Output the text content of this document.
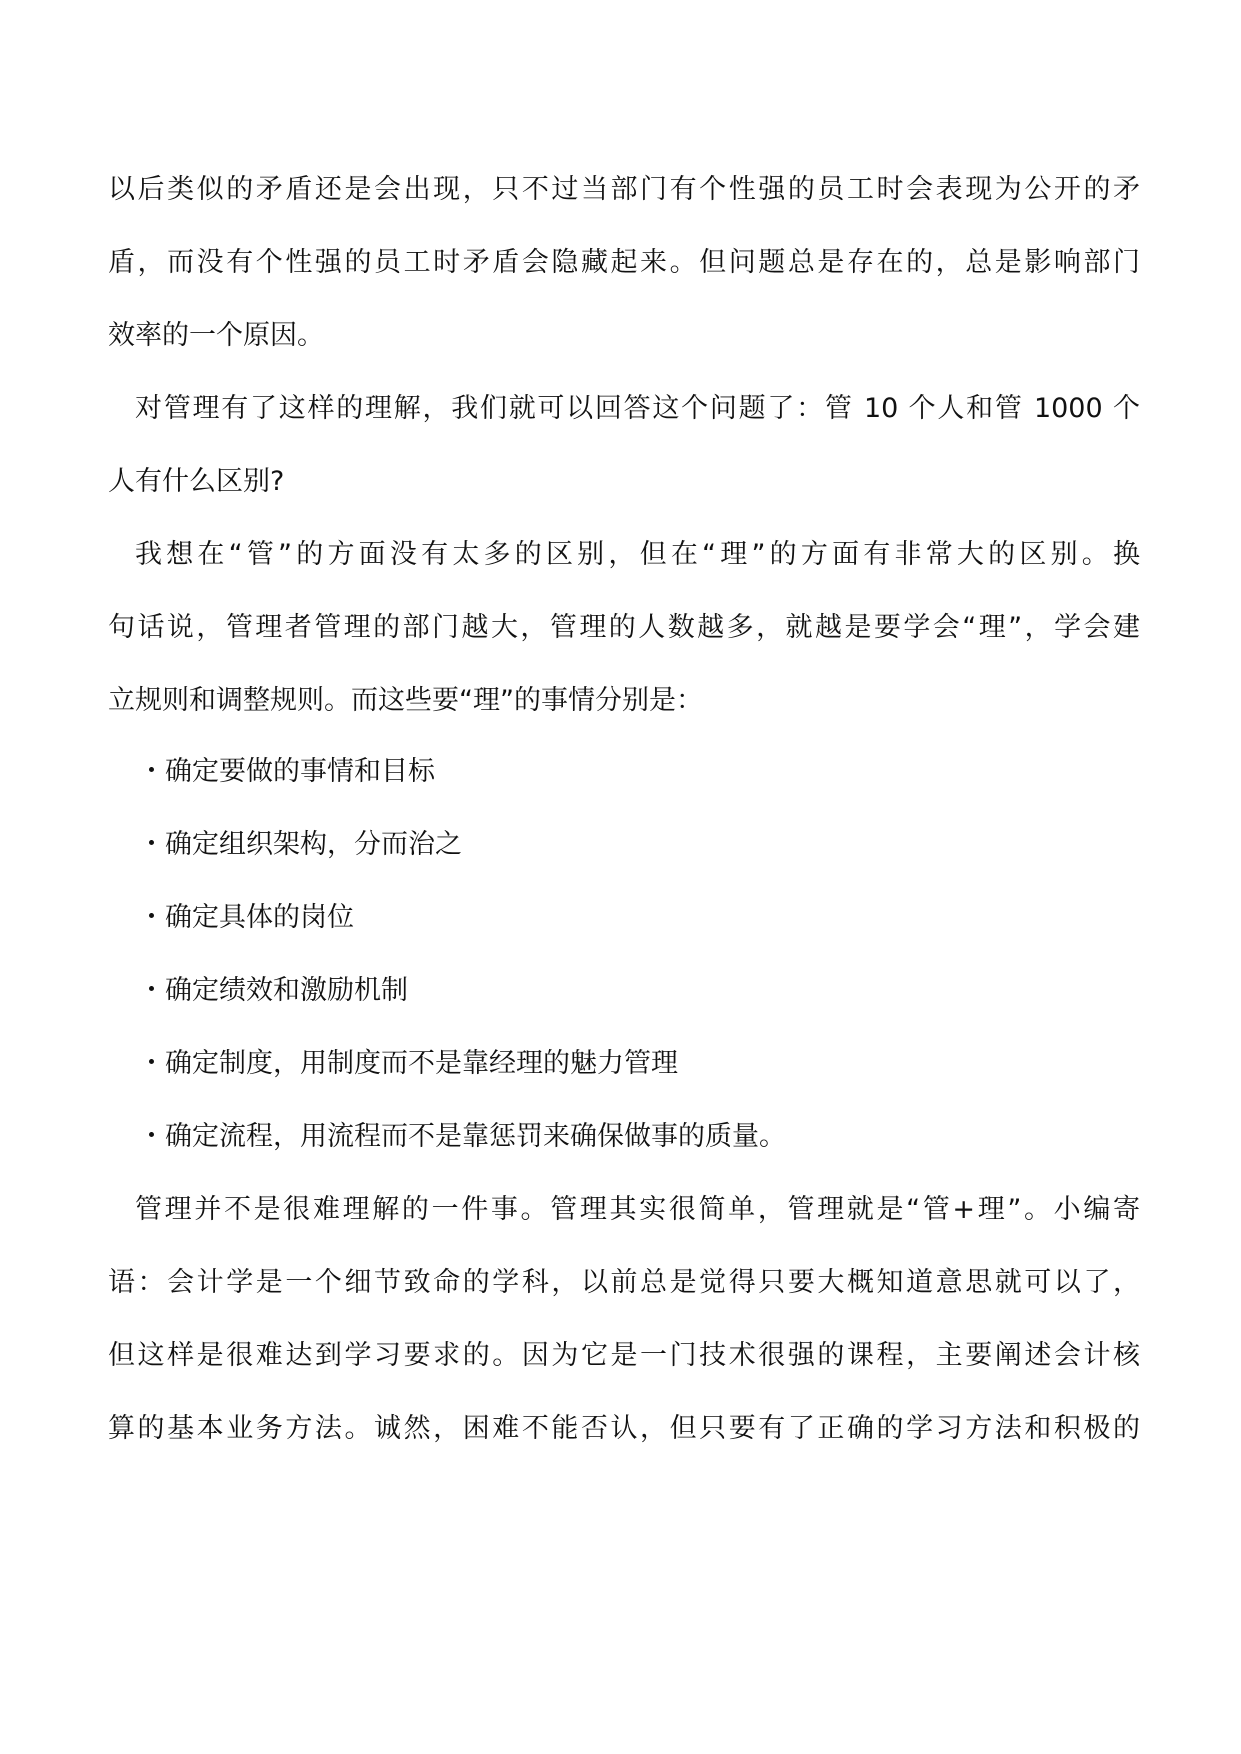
以后类似的矛盾还是会出现，只不过当部门有个性强的员工时会表现为公开的矛
盾，而没有个性强的员工时矛盾会隐藏起来。但问题总是存在的，总是影响部门
效率的一个原因。
对管理有了这样的理解，我们就可以回答这个问题了：管 10 个人和管 1000 个
人有什么区别?
我想在“管”的方面没有太多的区别，但在“理”的方面有非常大的区别。换
句话说，管理者管理的部门越大，管理的人数越多，就越是要学会“理”，学会建
立规则和调整规则。而这些要“理”的事情分别是：
・确定要做的事情和目标
・确定组织架构，分而治之
・确定具体的岗位
・确定绩效和激励机制
・确定制度，用制度而不是靠经理的魅力管理
・确定流程，用流程而不是靠惩罚来确保做事的质量。
管理并不是很难理解的一件事。管理其实很简单，管理就是“管+理”。小编寄
语：会计学是一个细节致命的学科，以前总是觉得只要大概知道意思就可以了，
但这样是很难达到学习要求的。因为它是一门技术很强的课程，主要阐述会计核
算的基本业务方法。诚然，困难不能否认，但只要有了正确的学习方法和积极的
